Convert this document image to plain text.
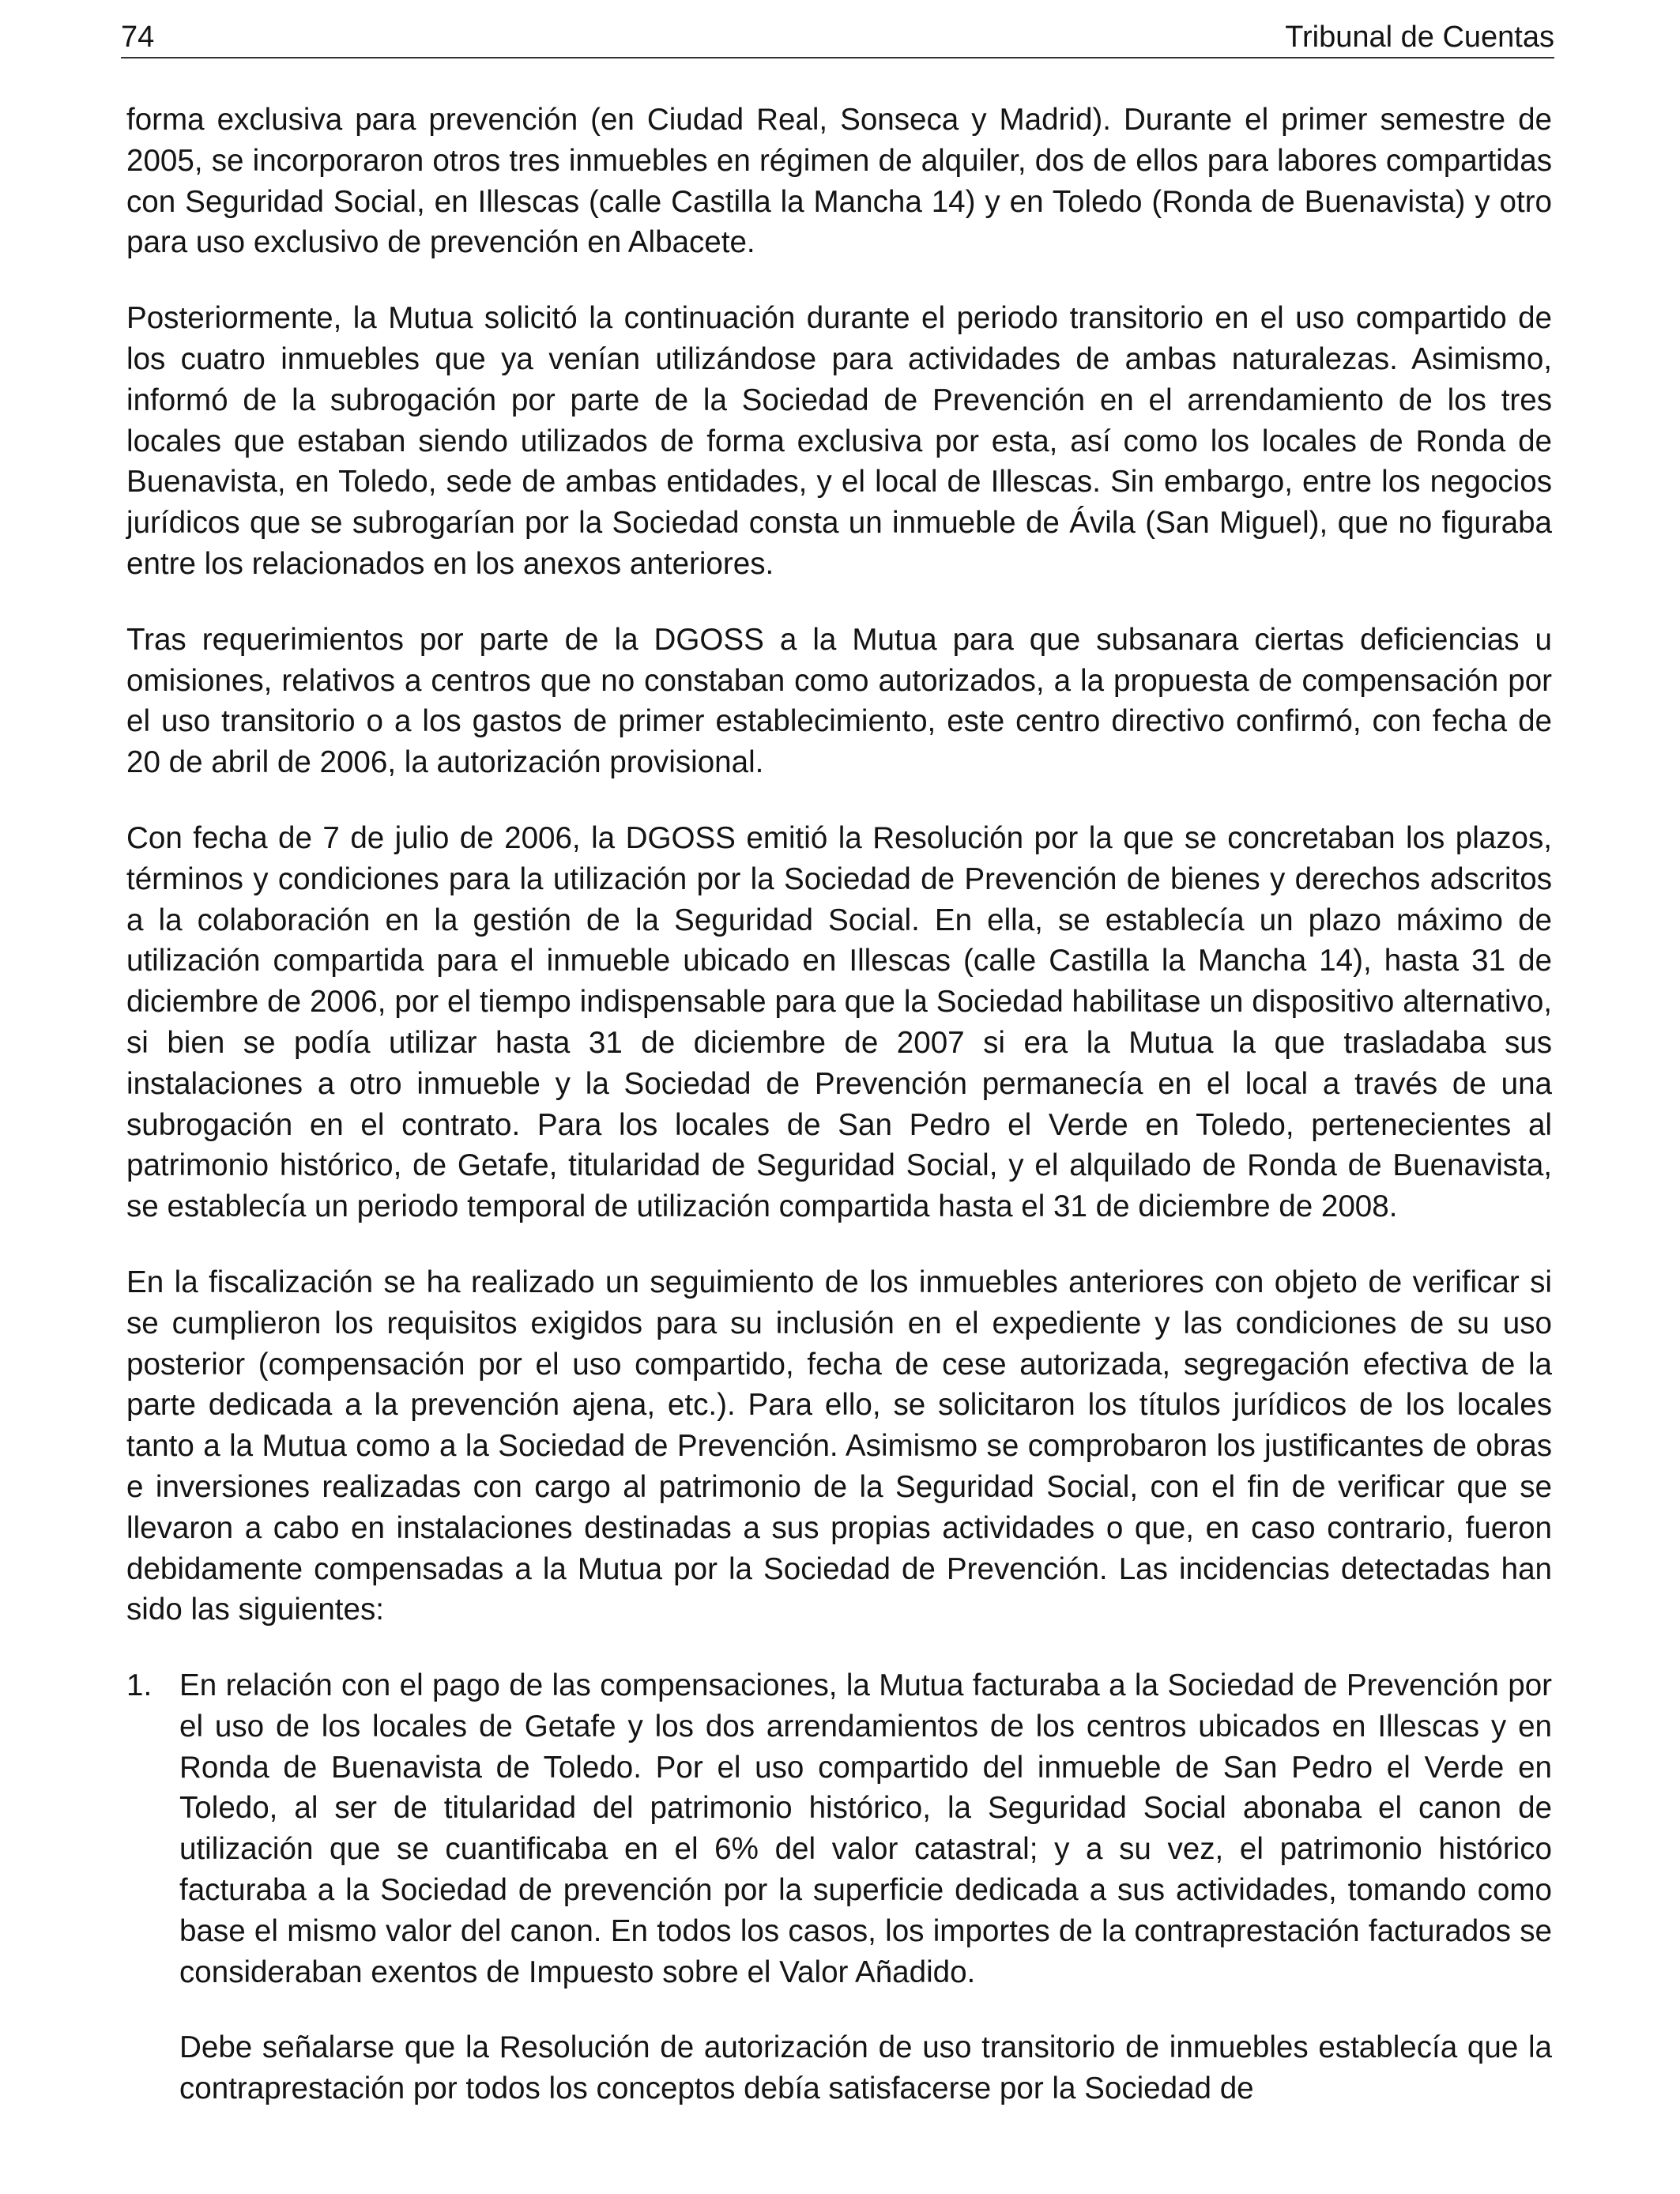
74	Tribunal de Cuentas

forma exclusiva para prevención (en Ciudad Real, Sonseca y Madrid). Durante el primer semestre de 2005, se incorporaron otros tres inmuebles en régimen de alquiler, dos de ellos para labores compartidas con Seguridad Social, en Illescas (calle Castilla la Mancha 14) y en Toledo (Ronda de Buenavista) y otro para uso exclusivo de prevención en Albacete.

Posteriormente, la Mutua solicitó la continuación durante el periodo transitorio en el uso compartido de los cuatro inmuebles que ya venían utilizándose para actividades de ambas naturalezas. Asimismo, informó de la subrogación por parte de la Sociedad de Prevención en el arrendamiento de los tres locales que estaban siendo utilizados de forma exclusiva por esta, así como los locales de Ronda de Buenavista, en Toledo, sede de ambas entidades, y el local de Illescas. Sin embargo, entre los negocios jurídicos que se subrogarían por la Sociedad consta un inmueble de Ávila (San Miguel), que no figuraba entre los relacionados en los anexos anteriores.

Tras requerimientos por parte de la DGOSS a la Mutua para que subsanara ciertas deficiencias u omisiones, relativos a centros que no constaban como autorizados, a la propuesta de compensación por el uso transitorio o a los gastos de primer establecimiento, este centro directivo confirmó, con fecha de 20 de abril de 2006, la autorización provisional.

Con fecha de 7 de julio de 2006, la DGOSS emitió la Resolución por la que se concretaban los plazos, términos y condiciones para la utilización por la Sociedad de Prevención de bienes y derechos adscritos a la colaboración en la gestión de la Seguridad Social. En ella, se establecía un plazo máximo de utilización compartida para el inmueble ubicado en Illescas (calle Castilla la Mancha 14), hasta 31 de diciembre de 2006, por el tiempo indispensable para que la Sociedad habilitase un dispositivo alternativo, si bien se podía utilizar hasta 31 de diciembre de 2007 si era la Mutua la que trasladaba sus instalaciones a otro inmueble y la Sociedad de Prevención permanecía en el local a través de una subrogación en el contrato. Para los locales de San Pedro el Verde en Toledo, pertenecientes al patrimonio histórico, de Getafe, titularidad de Seguridad Social, y el alquilado de Ronda de Buenavista, se establecía un periodo temporal de utilización compartida hasta el 31 de diciembre de 2008.

En la fiscalización se ha realizado un seguimiento de los inmuebles anteriores con objeto de verificar si se cumplieron los requisitos exigidos para su inclusión en el expediente y las condiciones de su uso posterior (compensación por el uso compartido, fecha de cese autorizada, segregación efectiva de la parte dedicada a la prevención ajena, etc.). Para ello, se solicitaron los títulos jurídicos de los locales tanto a la Mutua como a la Sociedad de Prevención. Asimismo se comprobaron los justificantes de obras e inversiones realizadas con cargo al patrimonio de la Seguridad Social, con el fin de verificar que se llevaron a cabo en instalaciones destinadas a sus propias actividades o que, en caso contrario, fueron debidamente compensadas a la Mutua por la Sociedad de Prevención. Las incidencias detectadas han sido las siguientes:

1. En relación con el pago de las compensaciones, la Mutua facturaba a la Sociedad de Prevención por el uso de los locales de Getafe y los dos arrendamientos de los centros ubicados en Illescas y en Ronda de Buenavista de Toledo. Por el uso compartido del inmueble de San Pedro el Verde en Toledo, al ser de titularidad del patrimonio histórico, la Seguridad Social abonaba el canon de utilización que se cuantificaba en el 6% del valor catastral; y a su vez, el patrimonio histórico facturaba a la Sociedad de prevención por la superficie dedicada a sus actividades, tomando como base el mismo valor del canon. En todos los casos, los importes de la contraprestación facturados se consideraban exentos de Impuesto sobre el Valor Añadido.

Debe señalarse que la Resolución de autorización de uso transitorio de inmuebles establecía que la contraprestación por todos los conceptos debía satisfacerse por la Sociedad de
